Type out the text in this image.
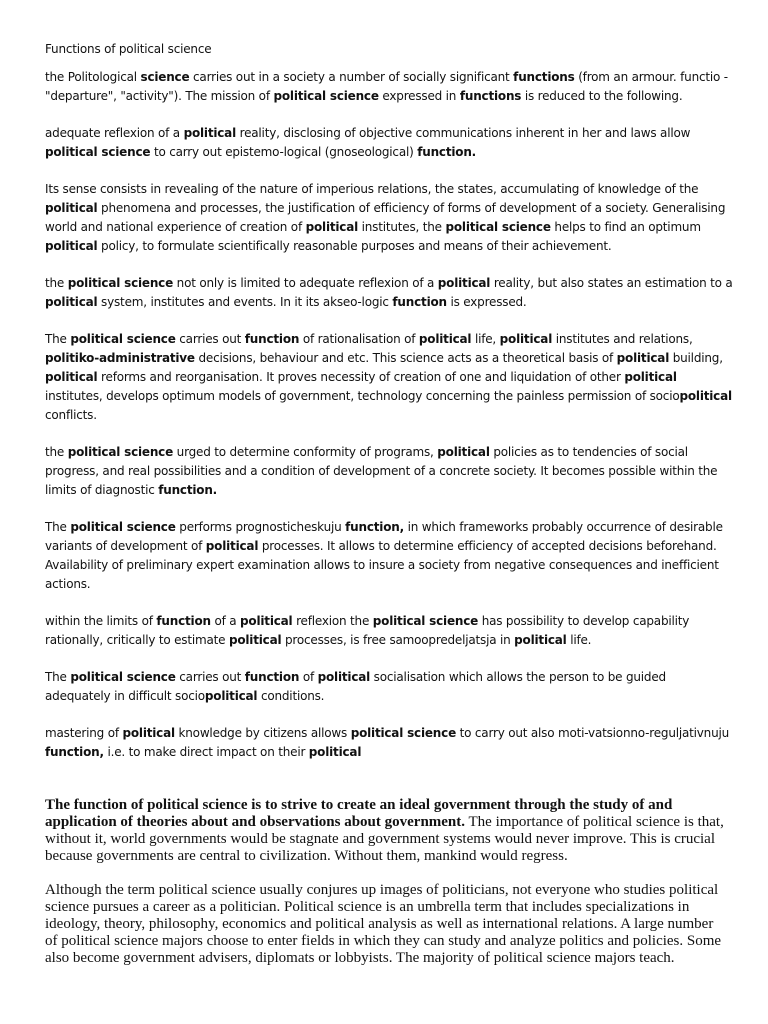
Functions of political science

the Politological science carries out in a society a number of socially significant functions (from an armour. functio - "departure", "activity"). The mission of political science expressed in functions is reduced to the following.

adequate reflexion of a political reality, disclosing of objective communications inherent in her and laws allow political science to carry out epistemo-logical (gnoseological) function.

Its sense consists in revealing of the nature of imperious relations, the states, accumulating of knowledge of the political phenomena and processes, the justification of efficiency of forms of development of a society. Generalising world and national experience of creation of political institutes, the political science helps to find an optimum political policy, to formulate scientifically reasonable purposes and means of their achievement.

the political science not only is limited to adequate reflexion of a political reality, but also states an estimation to a political system, institutes and events. In it its akseo-logic function is expressed.

The political science carries out function of rationalisation of political life, political institutes and relations, politiko-administrative decisions, behaviour and etc. This science acts as a theoretical basis of political building, political reforms and reorganisation. It proves necessity of creation of one and liquidation of other political institutes, develops optimum models of government, technology concerning the painless permission of sociopolitical conflicts.

the political science urged to determine conformity of programs, political policies as to tendencies of social progress, and real possibilities and a condition of development of a concrete society. It becomes possible within the limits of diagnostic function.

The political science performs prognosticheskuju function, in which frameworks probably occurrence of desirable variants of development of political processes. It allows to determine efficiency of accepted decisions beforehand. Availability of preliminary expert examination allows to insure a society from negative consequences and inefficient actions.

within the limits of function of a political reflexion the political science has possibility to develop capability rationally, critically to estimate political processes, is free samoopredeljatsja in political life.

The political science carries out function of political socialisation which allows the person to be guided adequately in difficult sociopolitical conditions.

mastering of political knowledge by citizens allows political science to carry out also moti-vatsionno-reguljativnuju function, i.e. to make direct impact on their political

The function of political science is to strive to create an ideal government through the study of and application of theories about and observations about government. The importance of political science is that, without it, world governments would be stagnate and government systems would never improve. This is crucial because governments are central to civilization. Without them, mankind would regress.

Although the term political science usually conjures up images of politicians, not everyone who studies political science pursues a career as a politician. Political science is an umbrella term that includes specializations in ideology, theory, philosophy, economics and political analysis as well as international relations. A large number of political science majors choose to enter fields in which they can study and analyze politics and policies. Some also become government advisers, diplomats or lobbyists. The majority of political science majors teach.
